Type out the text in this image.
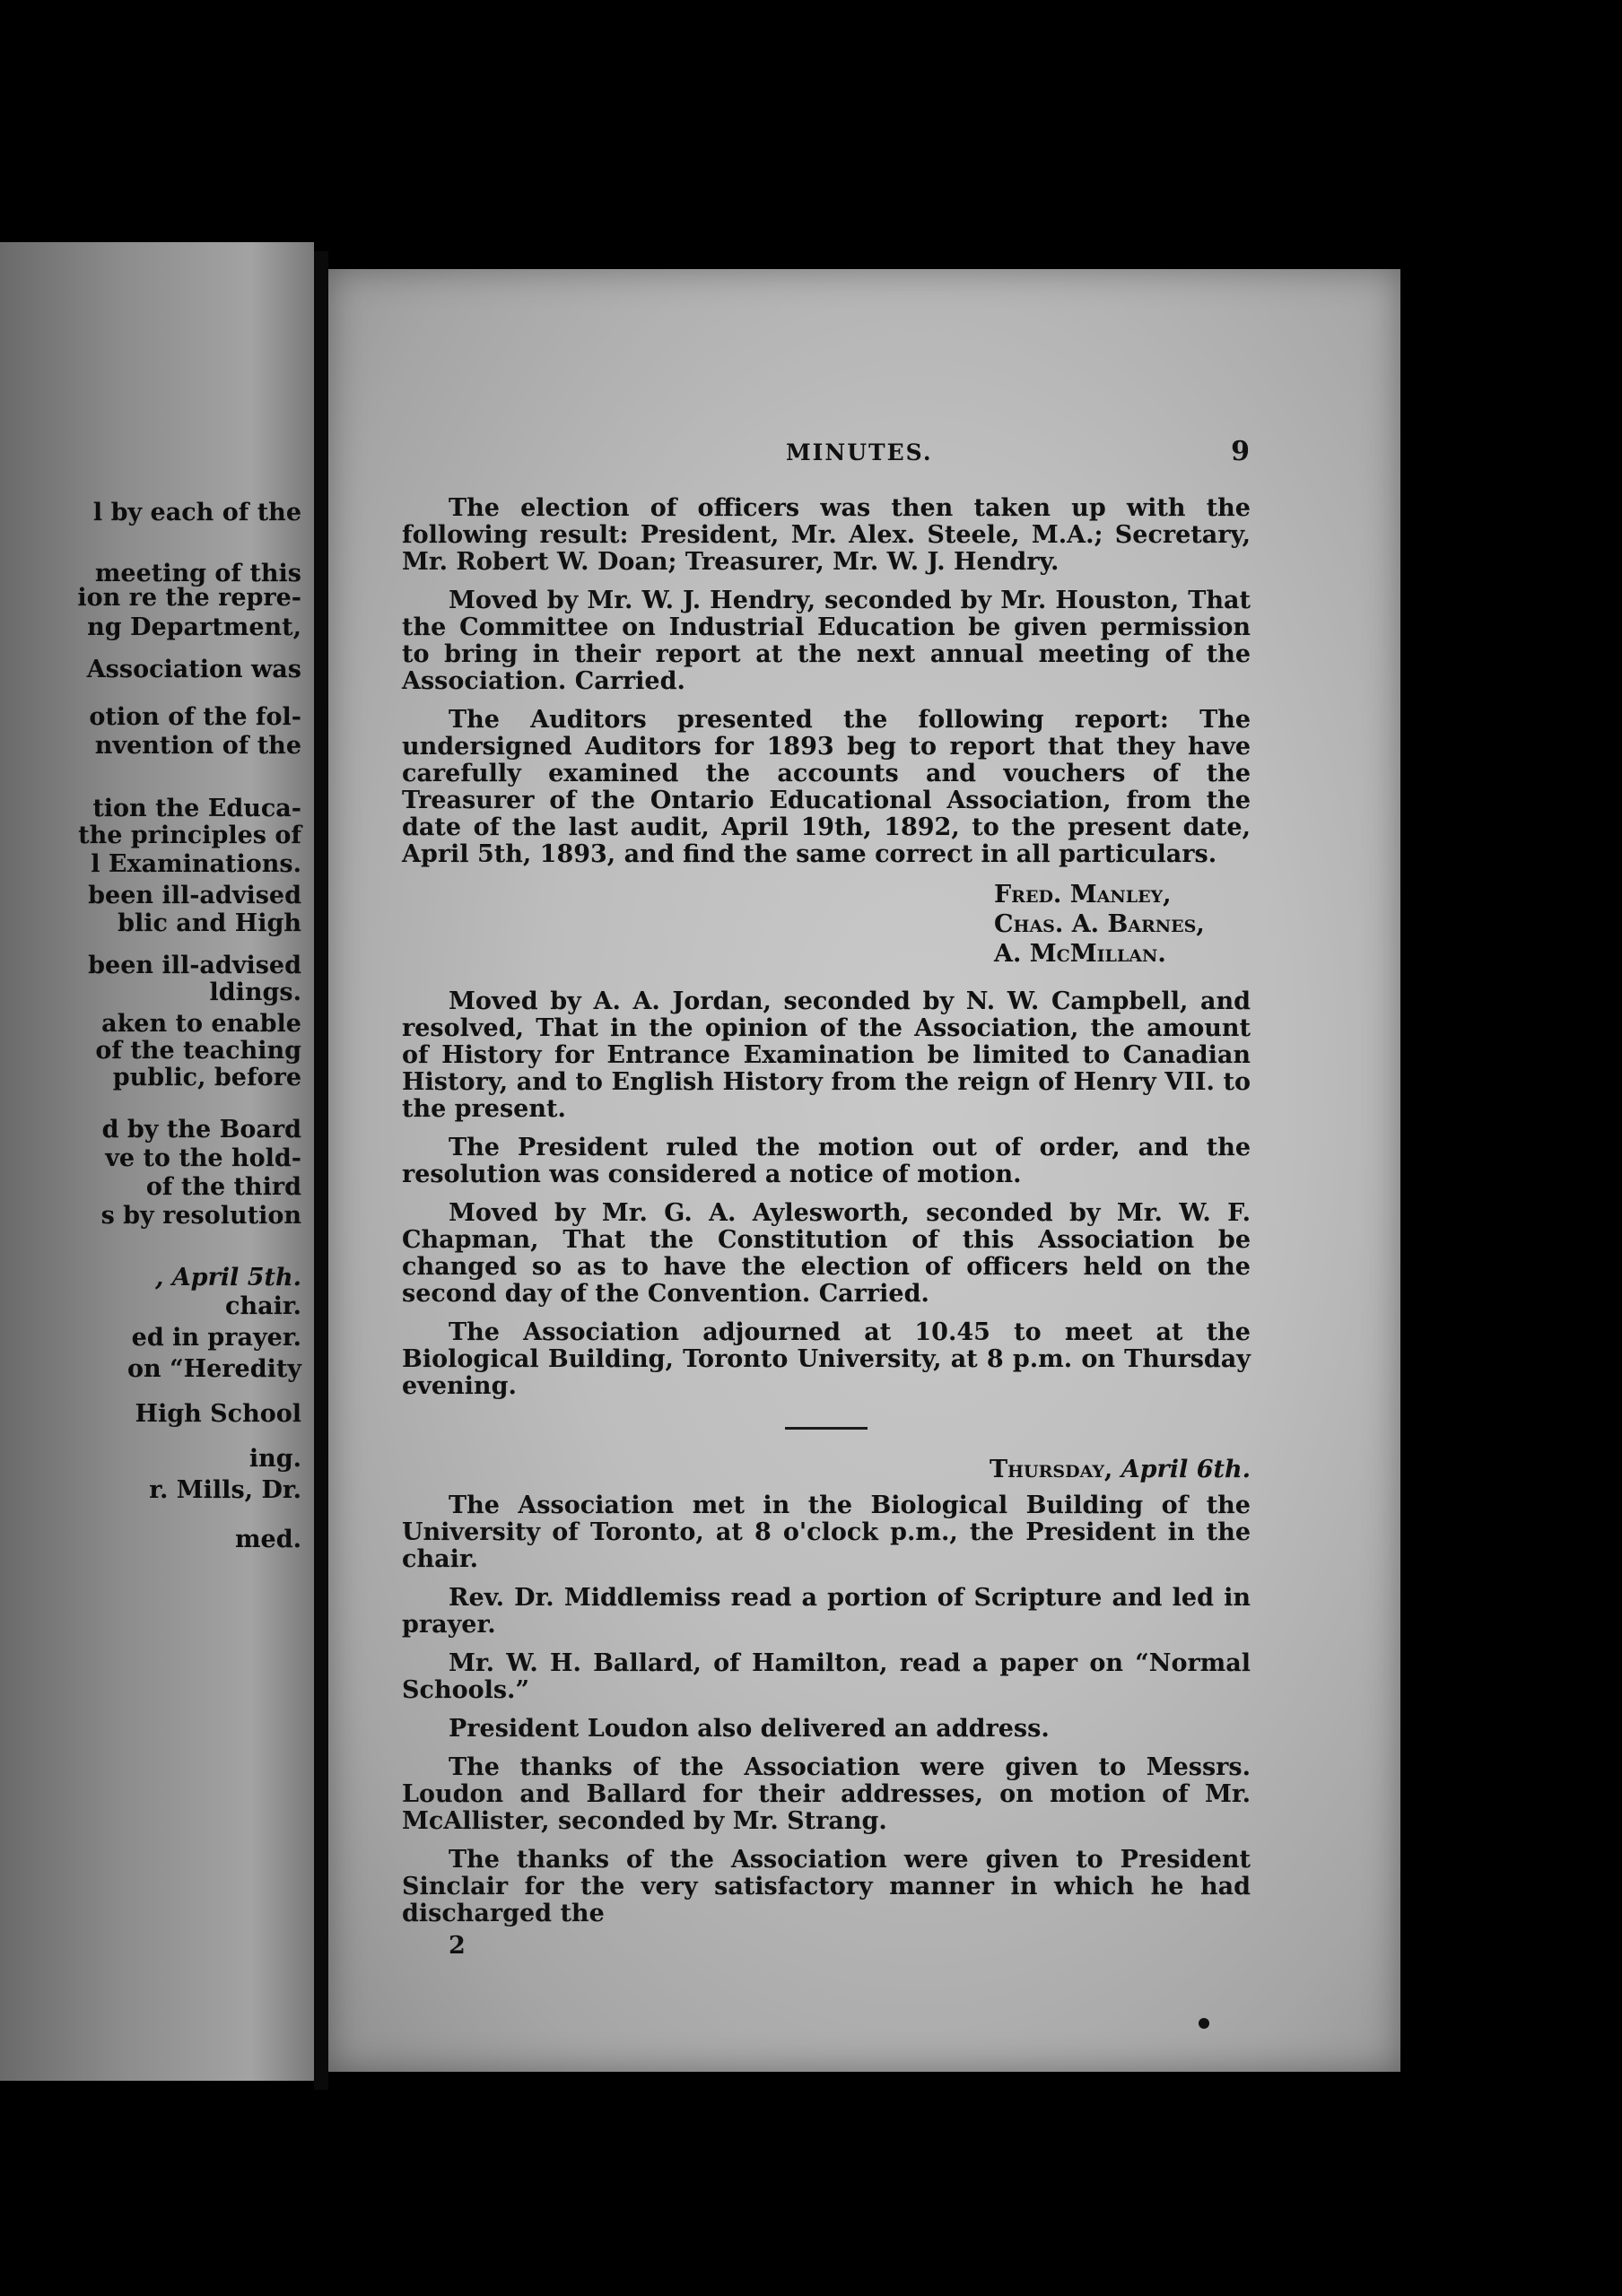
l by each of the
meeting of this
ion re the repre-
ng Department,
Association was
otion of the fol-
nvention of the
tion the Educa-
the principles of
l Examinations.
been ill-advised
blic and High
been ill-advised
ldings.
aken to enable
of the teaching
public, before
d by the Board
ve to the hold-
of the third
s by resolution
, April 5th.
chair.
ed in prayer.
on “Heredity
High School
ing.
r. Mills, Dr.
med.
MINUTES.	9

The election of officers was then taken up with the following result: President, Mr. Alex. Steele, M.A.; Secretary, Mr. Robert W. Doan; Treasurer, Mr. W. J. Hendry.

Moved by Mr. W. J. Hendry, seconded by Mr. Houston, That the Committee on Industrial Education be given permission to bring in their report at the next annual meeting of the Association. Carried.

The Auditors presented the following report: The undersigned Auditors for 1893 beg to report that they have carefully examined the accounts and vouchers of the Treasurer of the Ontario Educational Association, from the date of the last audit, April 19th, 1892, to the present date, April 5th, 1893, and find the same correct in all particulars.

Fred. Manley,
Chas. A. Barnes,
A. McMillan.

Moved by A. A. Jordan, seconded by N. W. Campbell, and resolved, That in the opinion of the Association, the amount of History for Entrance Examination be limited to Canadian History, and to English History from the reign of Henry VII. to the present.

The President ruled the motion out of order, and the resolution was considered a notice of motion.

Moved by Mr. G. A. Aylesworth, seconded by Mr. W. F. Chapman, That the Constitution of this Association be changed so as to have the election of officers held on the second day of the Convention. Carried.

The Association adjourned at 10.45 to meet at the Biological Building, Toronto University, at 8 p.m. on Thursday evening.

Thursday, April 6th.

The Association met in the Biological Building of the University of Toronto, at 8 o'clock p.m., the President in the chair.

Rev. Dr. Middlemiss read a portion of Scripture and led in prayer.

Mr. W. H. Ballard, of Hamilton, read a paper on “Normal Schools.”

President Loudon also delivered an address.

The thanks of the Association were given to Messrs. Loudon and Ballard for their addresses, on motion of Mr. McAllister, seconded by Mr. Strang.

The thanks of the Association were given to President Sinclair for the very satisfactory manner in which he had discharged the

2
